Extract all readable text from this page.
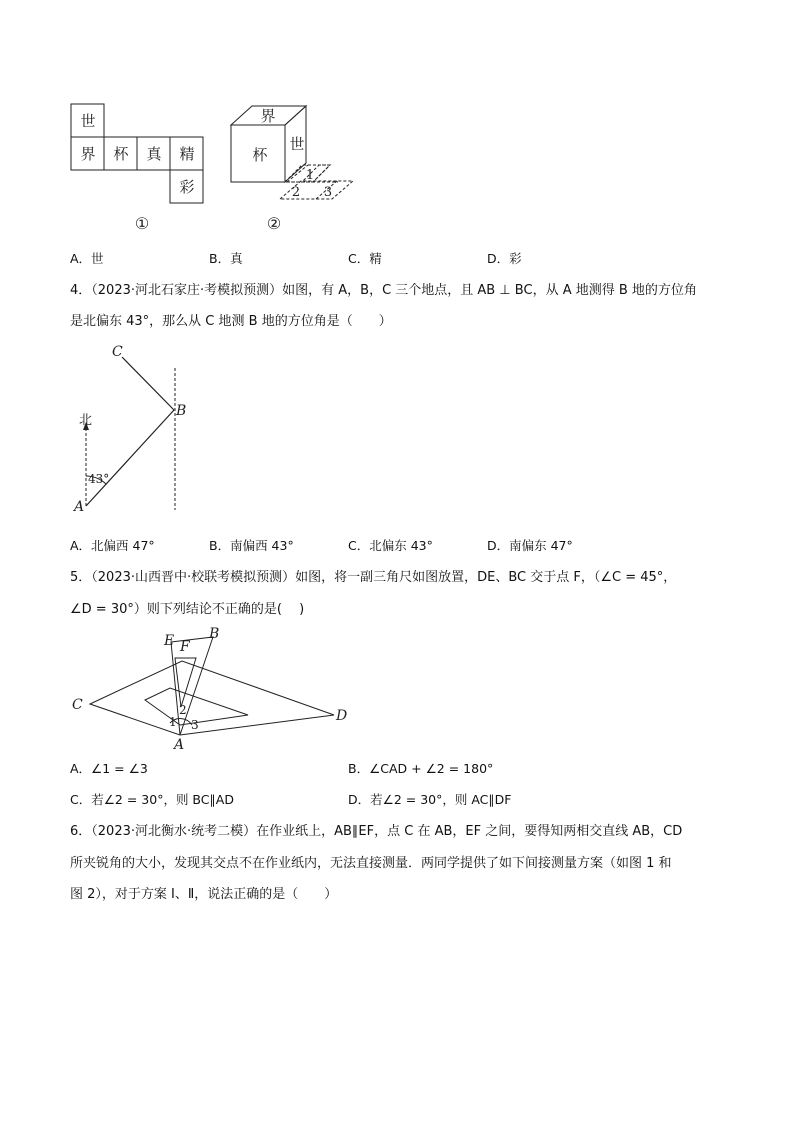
世
界 杯 真 精
彩
①
界
杯
世
1
2 3
②
A．世	B．真	C．精	D．彩
4．（2023·河北石家庄·考模拟预测）如图，有 A，B，C 三个地点，且 AB ⊥ BC，从 A 地测得 B 地的方位角
是北偏东 43°，那么从 C 地测 B 地的方位角是（　　）
C
B
A
北
43°
A．北偏西 47°	B．南偏西 43°	C．北偏东 43°	D．南偏东 47°
5．（2023·山西晋中·校联考模拟预测）如图，将一副三角尺如图放置，DE、BC 交于点 F，（∠C = 45°，
∠D = 30°）则下列结论不正确的是(　 )
E F
B
C
D
A
1
2
3
A．∠1 = ∠3	B．∠CAD + ∠2 = 180°
C．若∠2 = 30°，则 BC∥AD	D．若∠2 = 30°，则 AC∥DF
6．（2023·河北衡水·统考二模）在作业纸上，AB∥EF，点 C 在 AB，EF 之间，要得知两相交直线 AB，CD
所夹锐角的大小，发现其交点不在作业纸内，无法直接测量．两同学提供了如下间接测量方案（如图 1 和
图 2），对于方案 Ⅰ、Ⅱ，说法正确的是（　　）
